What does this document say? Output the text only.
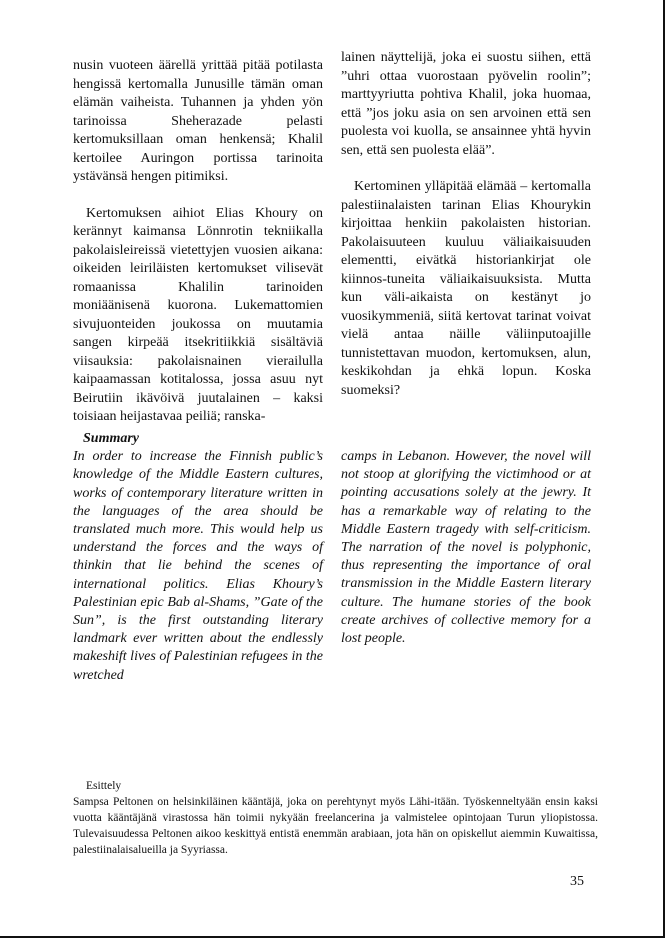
nusin vuoteen äärellä yrittää pitää potilasta hengissä kertomalla Junusille tämän oman elämän vaiheista. Tuhannen ja yhden yön tarinoissa Sheherazade pelasti kertomuksillaan oman henkensä; Khalil kertoilee Auringon portissa tarinoita ystävänsä hengen pitimiksi.

Kertomuksen aihiot Elias Khoury on kerännyt kaimansa Lönnrotin tekniikalla pakolaisleireissä vietettyjen vuosien aikana: oikeiden leiriläisten kertomukset vilisevät romaanissa Khalilin tarinoiden moniäänisenä kuorona. Lukemattomien sivujuonteiden joukossa on muutamia sangen kirpeää itsekritiikkiä sisältäviä viisauksia: pakolaisnainen vierailulla kaipaamassan kotitalossa, jossa asuu nyt Beirutiin ikävöivä juutalainen – kaksi toisiaan heijastavaa peiliä; ranska-

lainen näyttelijä, joka ei suostu siihen, että ”uhri ottaa vuorostaan pyövelin roolin”; marttyyriutta pohtiva Khalil, joka huomaa, että ”jos joku asia on sen arvoinen että sen puolesta voi kuolla, se ansainnee yhtä hyvin sen, että sen puolesta elää”.

Kertominen ylläpitää elämää – kertomalla palestiinalaisten tarinan Elias Khourykin kirjoittaa henkiin pakolaisten historian. Pakolaisuuteen kuuluu väliaikaisuuden elementti, eivätkä historiankirjat ole kiinnos-tuneita väliaikaisuuksista. Mutta kun väli-aikaista on kestänyt jo vuosikymmeniä, siitä kertovat tarinat voivat vielä antaa näille väliinputoajille tunnistettavan muodon, kertomuksen, alun, keskikohdan ja ehkä lopun. Koska suomeksi?

Summary

In order to increase the Finnish public’s knowledge of the Middle Eastern cultures, works of contemporary literature written in the languages of the area should be translated much more. This would help us understand the forces and the ways of thinkin that lie behind the scenes of international politics. Elias Khoury’s Palestinian epic Bab al-Shams, ”Gate of the Sun”, is the first outstanding literary landmark ever written about the endlessly makeshift lives of Palestinian refugees in the wretched

camps in Lebanon. However, the novel will not stoop at glorifying the victimhood or at pointing accusations solely at the jewry. It has a remarkable way of relating to the Middle Eastern tragedy with self-criticism. The narration of the novel is polyphonic, thus representing the importance of oral transmission in the Middle Eastern literary culture. The humane stories of the book create archives of collective memory for a lost people.

Esittely

Sampsa Peltonen on helsinkiläinen kääntäjä, joka on perehtynyt myös Lähi-itään. Työskenneltyään ensin kaksi vuotta kääntäjänä virastossa hän toimii nykyään freelancerina ja valmistelee opintojaan Turun yliopistossa. Tulevaisuudessa Peltonen aikoo keskittyä entistä enemmän arabiaan, jota hän on opiskellut aiemmin Kuwaitissa, palestiinalaisalueilla ja Syyriassa.

35
